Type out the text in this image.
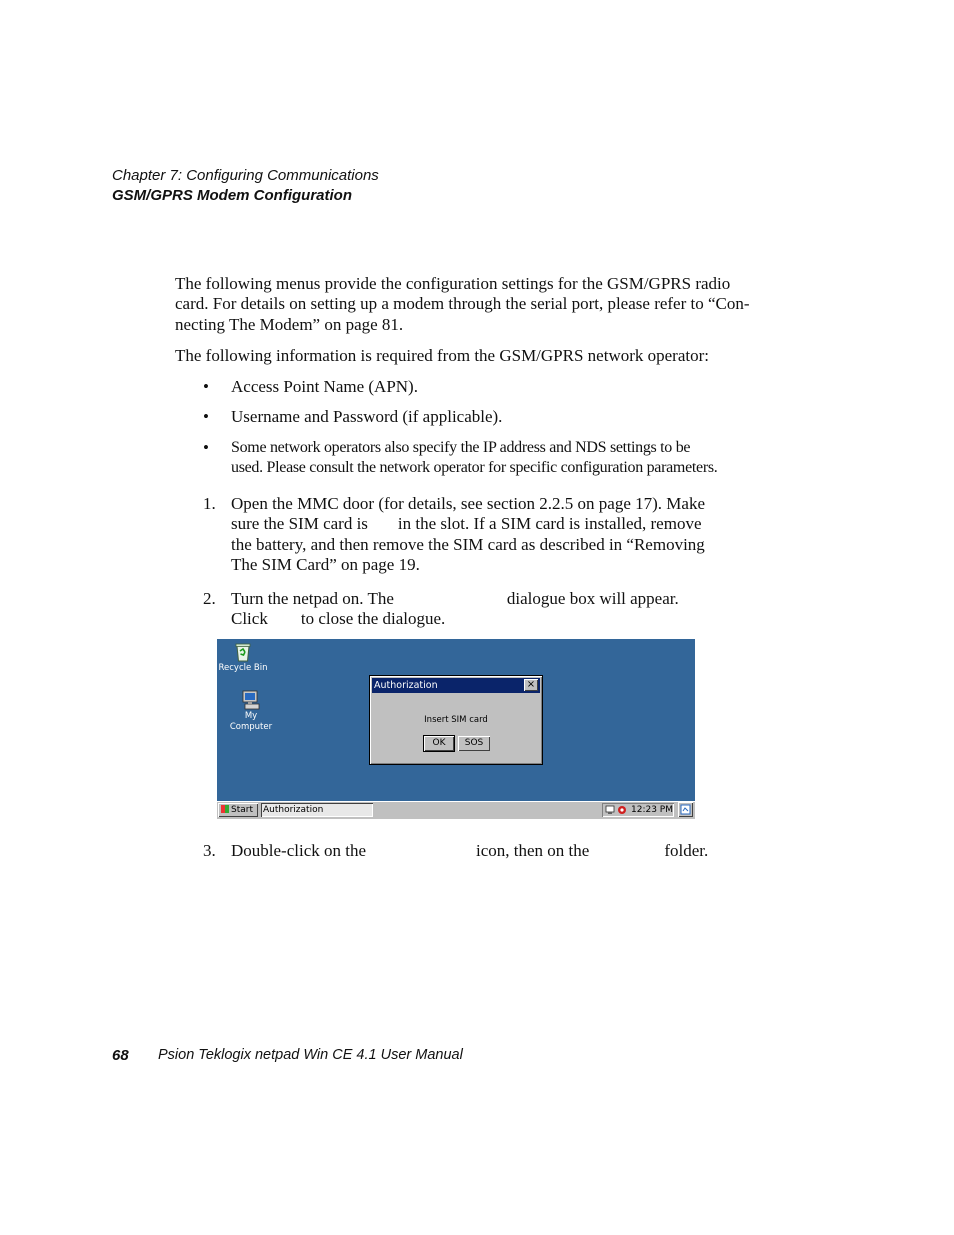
Chapter 7: Configuring Communications
GSM/GPRS Modem Configuration
The following menus provide the configuration settings for the GSM/GPRS radio
card. For details on setting up a modem through the serial port, please refer to “Con-
necting The Modem” on page 81.
The following information is required from the GSM/GPRS network operator:
• Access Point Name (APN).
• Username and Password (if applicable).
• Some network operators also specify the IP address and NDS settings to be
used. Please consult the network operator for specific configuration parameters.
1. Open the MMC door (for details, see section 2.2.5 on page 17). Make
sure the SIM card is in the slot. If a SIM card is installed, remove
the battery, and then remove the SIM card as described in “Removing
The SIM Card” on page 19.
2. Turn the netpad on. The	dialogue box will appear.
Click to close the dialogue.
Recycle Bin
My
Computer
Authorization	×
Insert SIM card
OK	SOS
Start	Authorization	12:23 PM
3. Double-click on the	icon, then on the	folder.
68 Psion Teklogix netpad Win CE 4.1 User Manual
